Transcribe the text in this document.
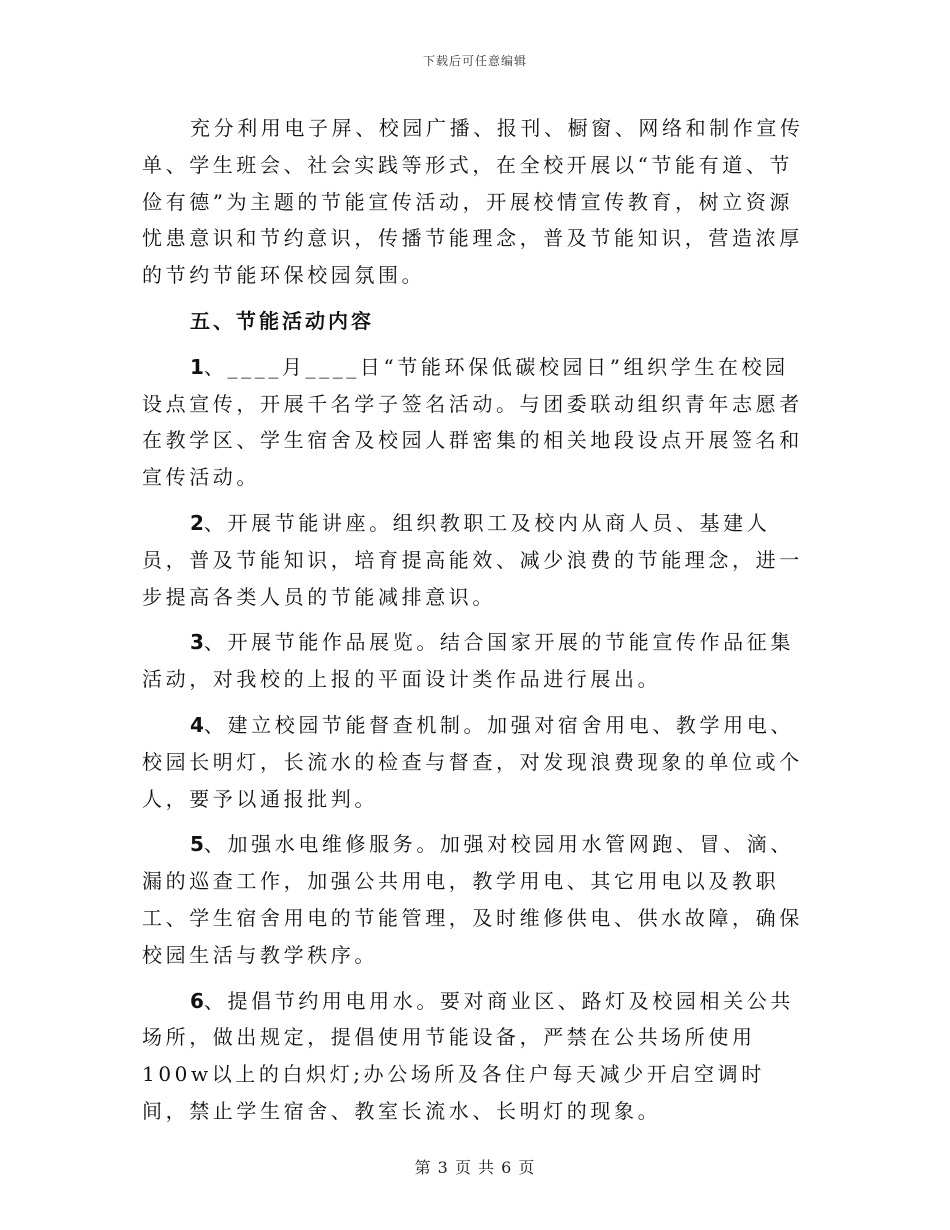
下载后可任意编辑

充分利用电子屏、校园广播、报刊、橱窗、网络和制作宣传单、学生班会、社会实践等形式，在全校开展以“节能有道、节俭有德”为主题的节能宣传活动，开展校情宣传教育，树立资源忧患意识和节约意识，传播节能理念，普及节能知识，营造浓厚的节约节能环保校园氛围。

五、节能活动内容

1、____月____日“节能环保低碳校园日”组织学生在校园设点宣传，开展千名学子签名活动。与团委联动组织青年志愿者在教学区、学生宿舍及校园人群密集的相关地段设点开展签名和宣传活动。

2、开展节能讲座。组织教职工及校内从商人员、基建人员，普及节能知识，培育提高能效、减少浪费的节能理念，进一步提高各类人员的节能减排意识。

3、开展节能作品展览。结合国家开展的节能宣传作品征集活动，对我校的上报的平面设计类作品进行展出。

4、建立校园节能督查机制。加强对宿舍用电、教学用电、校园长明灯，长流水的检查与督查，对发现浪费现象的单位或个人，要予以通报批判。

5、加强水电维修服务。加强对校园用水管网跑、冒、滴、漏的巡查工作，加强公共用电，教学用电、其它用电以及教职工、学生宿舍用电的节能管理，及时维修供电、供水故障，确保校园生活与教学秩序。

6、提倡节约用电用水。要对商业区、路灯及校园相关公共场所，做出规定，提倡使用节能设备，严禁在公共场所使用100w以上的白炽灯;办公场所及各住户每天减少开启空调时间，禁止学生宿舍、教室长流水、长明灯的现象。

第 3 页 共 6 页
